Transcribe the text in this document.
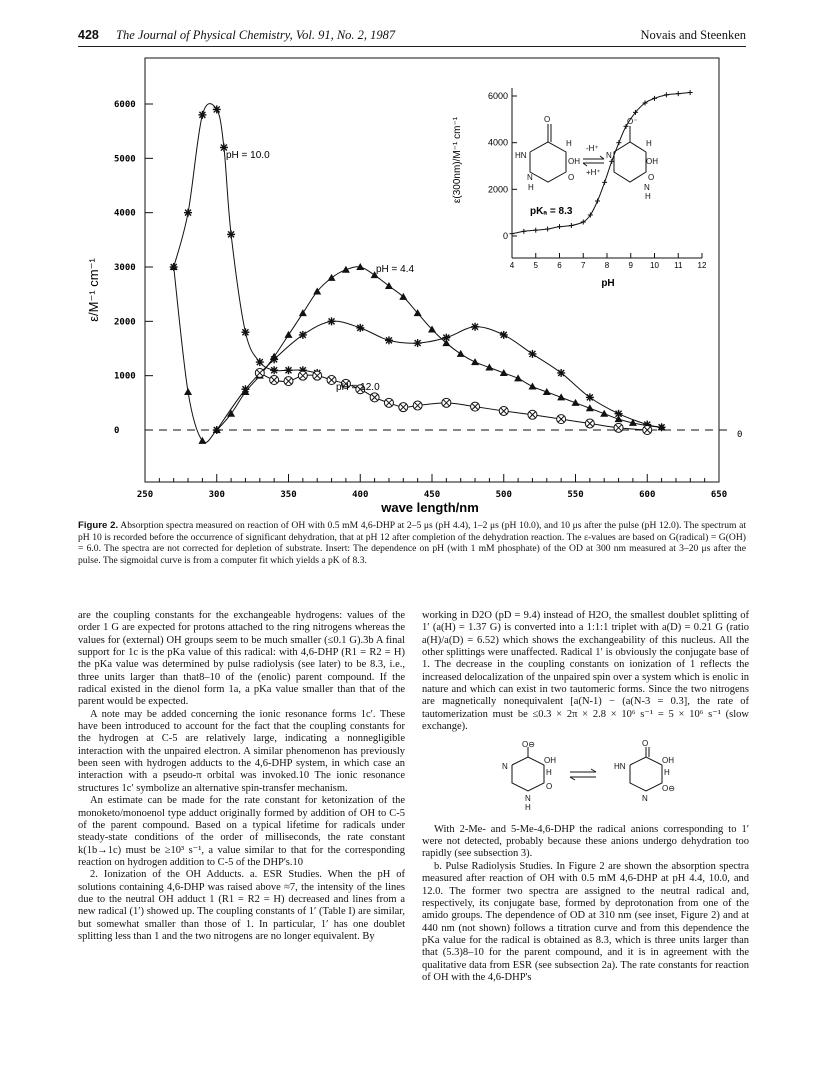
428 The Journal of Physical Chemistry, Vol. 91, No. 2, 1987	Novais and Steenken
250	300	350	400	450	500	550	600	650
0
1000
2000
3000
4000
5000
6000
ε/M⁻¹ cm⁻¹
wave length/nm
0
4 5 6 7 8 9 10 11 12
0
2000
4000
6000
ε(300nm)/M⁻¹ cm⁻¹
pH
pKₐ = 8.3
O
HN
H
OH
O
N
H
-H⁺
+H⁺
O⁻
N
H
OH
O
N
H
pH = 10.0
pH = 4.4
pH = 12.0
Figure 2. Absorption spectra measured on reaction of OH with 0.5 mM 4,6-DHP at 2–5 μs (pH 4.4), 1–2 μs (pH 10.0), and 10 μs after the pulse (pH 12.0). The spectrum at pH 10 is recorded before the occurrence of significant dehydration, that at pH 12 after completion of the dehydration reaction. The ε-values are based on G(radical) = G(OH) = 6.0. The spectra are not corrected for depletion of substrate. Insert: The dependence on pH (with 1 mM phosphate) of the OD at 300 nm measured at 3–20 μs after the pulse. The sigmoidal curve is from a computer fit which yields a pK of 8.3.

are the coupling constants for the exchangeable hydrogens: values of the order 1 G are expected for protons attached to the ring nitrogens whereas the values for (external) OH groups seem to be much smaller (≤0.1 G).3b A final support for 1c is the pKa value of this radical: with 4,6-DHP (R1 = R2 = H) the pKa value was determined by pulse radiolysis (see later) to be 8.3, i.e., three units larger than that8–10 of the (enolic) parent compound. If the radical existed in the dienol form 1a, a pKa value smaller than that of the parent would be expected.

A note may be added concerning the ionic resonance forms 1c′. These have been introduced to account for the fact that the coupling constants for the hydrogen at C-5 are relatively large, indicating a nonnegligible interaction with the unpaired electron. A similar phenomenon has previously been seen with hydrogen adducts to the 4,6-DHP system, in which case an interaction with a pseudo-π orbital was invoked.10 The ionic resonance structures 1c′ symbolize an alternative spin-transfer mechanism.

An estimate can be made for the rate constant for ketonization of the monoketo/monoenol type adduct originally formed by addition of OH to C-5 of the parent compound. Based on a typical lifetime for radicals under steady-state conditions of the order of milliseconds, the rate constant k(1b→1c) must be ≥10³ s⁻¹, a value similar to that for the corresponding reaction on hydrogen addition to C-5 of the DHP's.10

2. Ionization of the OH Adducts. a. ESR Studies. When the pH of solutions containing 4,6-DHP was raised above ≈7, the intensity of the lines due to the neutral OH adduct 1 (R1 = R2 = H) decreased and lines from a new radical (1′) showed up. The coupling constants of 1′ (Table I) are similar, but somewhat smaller than those of 1. In particular, 1′ has one doublet splitting less than 1 and the two nitrogens are no longer equivalent. By

working in D2O (pD = 9.4) instead of H2O, the smallest doublet splitting of 1′ (a(H) = 1.37 G) is converted into a 1:1:1 triplet with a(D) = 0.21 G (ratio a(H)/a(D) = 6.52) which shows the exchangeability of this nucleus. All the other splittings were unaffected. Radical 1′ is obviously the conjugate base of 1. The decrease in the coupling constants on ionization of 1 reflects the increased delocalization of the unpaired spin over a system which is enolic in nature and which can exist in two tautomeric forms. Since the two nitrogens are magnetically nonequivalent [a(N-1) − (a(N-3 = 0.3], the rate of tautomerization must be ≤0.3 × 2π × 2.8 × 10⁶ s⁻¹ = 5 × 10⁶ s⁻¹ (slow exchange).

O⊖
OH
H
N
O
N
H
O
HN
OH
H
N
O⊖

With 2-Me- and 5-Me-4,6-DHP the radical anions corresponding to 1′ were not detected, probably because these anions undergo dehydration too rapidly (see subsection 3).

b. Pulse Radiolysis Studies. In Figure 2 are shown the absorption spectra measured after reaction of OH with 0.5 mM 4,6-DHP at pH 4.4, 10.0, and 12.0. The former two spectra are assigned to the neutral radical and, respectively, its conjugate base, formed by deprotonation from one of the amido groups. The dependence of OD at 310 nm (see inset, Figure 2) and at 440 nm (not shown) follows a titration curve and from this dependence the pKa value for the radical is obtained as 8.3, which is three units larger than that (5.3)8–10 for the parent compound, and it is in agreement with the qualitative data from ESR (see subsection 2a). The rate constants for reaction of OH with the 4,6-DHP's
